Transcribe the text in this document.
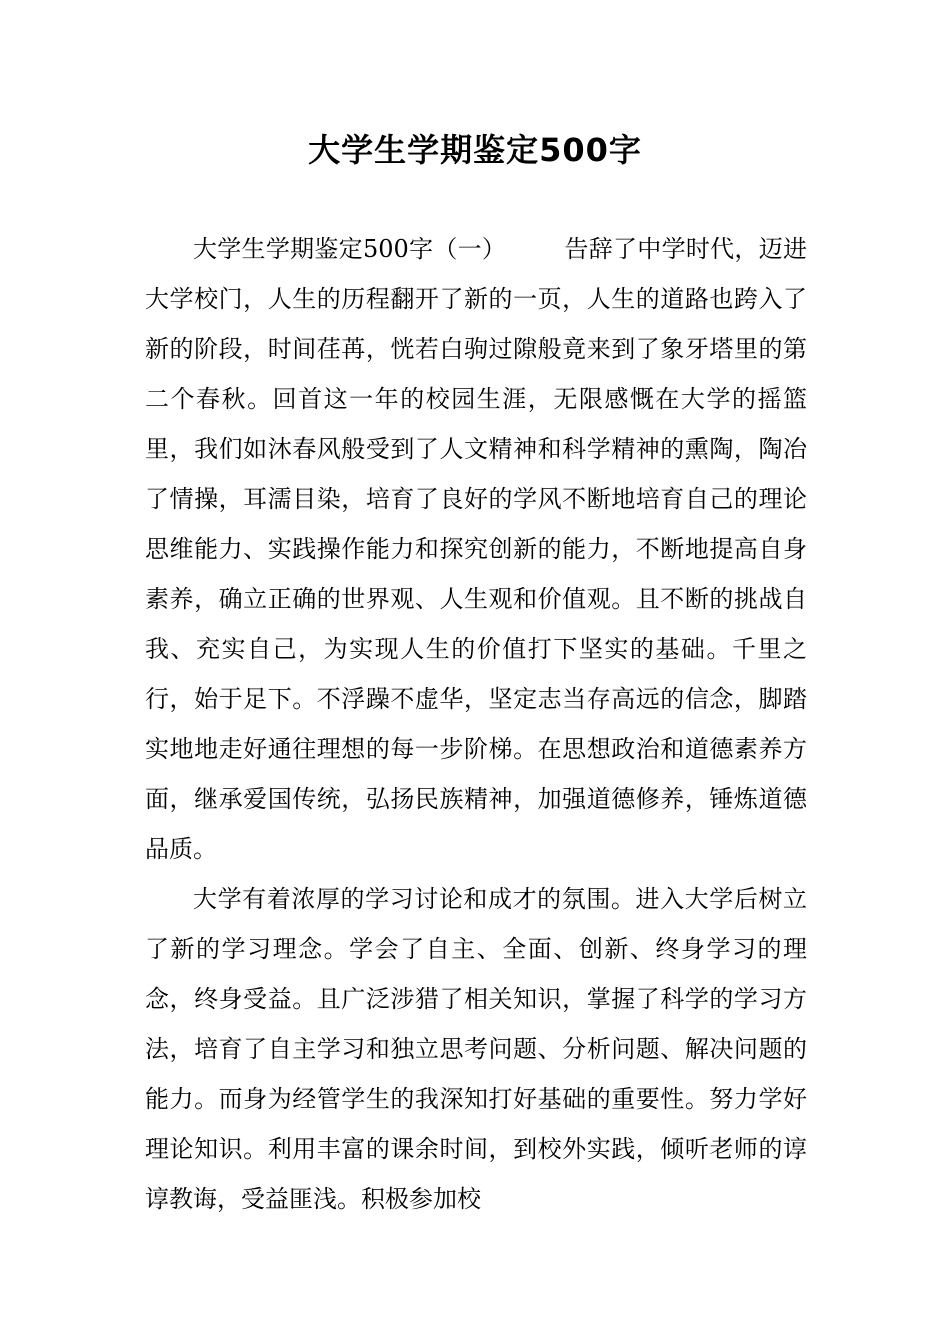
大学生学期鉴定500字

大学生学期鉴定500字（一） 告辞了中学时代，迈进大学校门，人生的历程翻开了新的一页，人生的道路也跨入了新的阶段，时间荏苒，恍若白驹过隙般竟来到了象牙塔里的第二个春秋。回首这一年的校园生涯，无限感慨在大学的摇篮里，我们如沐春风般受到了人文精神和科学精神的熏陶，陶冶了情操，耳濡目染，培育了良好的学风不断地培育自己的理论思维能力、实践操作能力和探究创新的能力，不断地提高自身素养，确立正确的世界观、人生观和价值观。且不断的挑战自我、充实自己，为实现人生的价值打下坚实的基础。千里之行，始于足下。不浮躁不虚华，坚定志当存高远的信念，脚踏实地地走好通往理想的每一步阶梯。在思想政治和道德素养方面，继承爱国传统，弘扬民族精神，加强道德修养，锤炼道德品质。

大学有着浓厚的学习讨论和成才的氛围。进入大学后树立了新的学习理念。学会了自主、全面、创新、终身学习的理念，终身受益。且广泛涉猎了相关知识，掌握了科学的学习方法，培育了自主学习和独立思考问题、分析问题、解决问题的能力。而身为经管学生的我深知打好基础的重要性。努力学好理论知识。利用丰富的课余时间，到校外实践，倾听老师的谆谆教诲，受益匪浅。积极参加校
